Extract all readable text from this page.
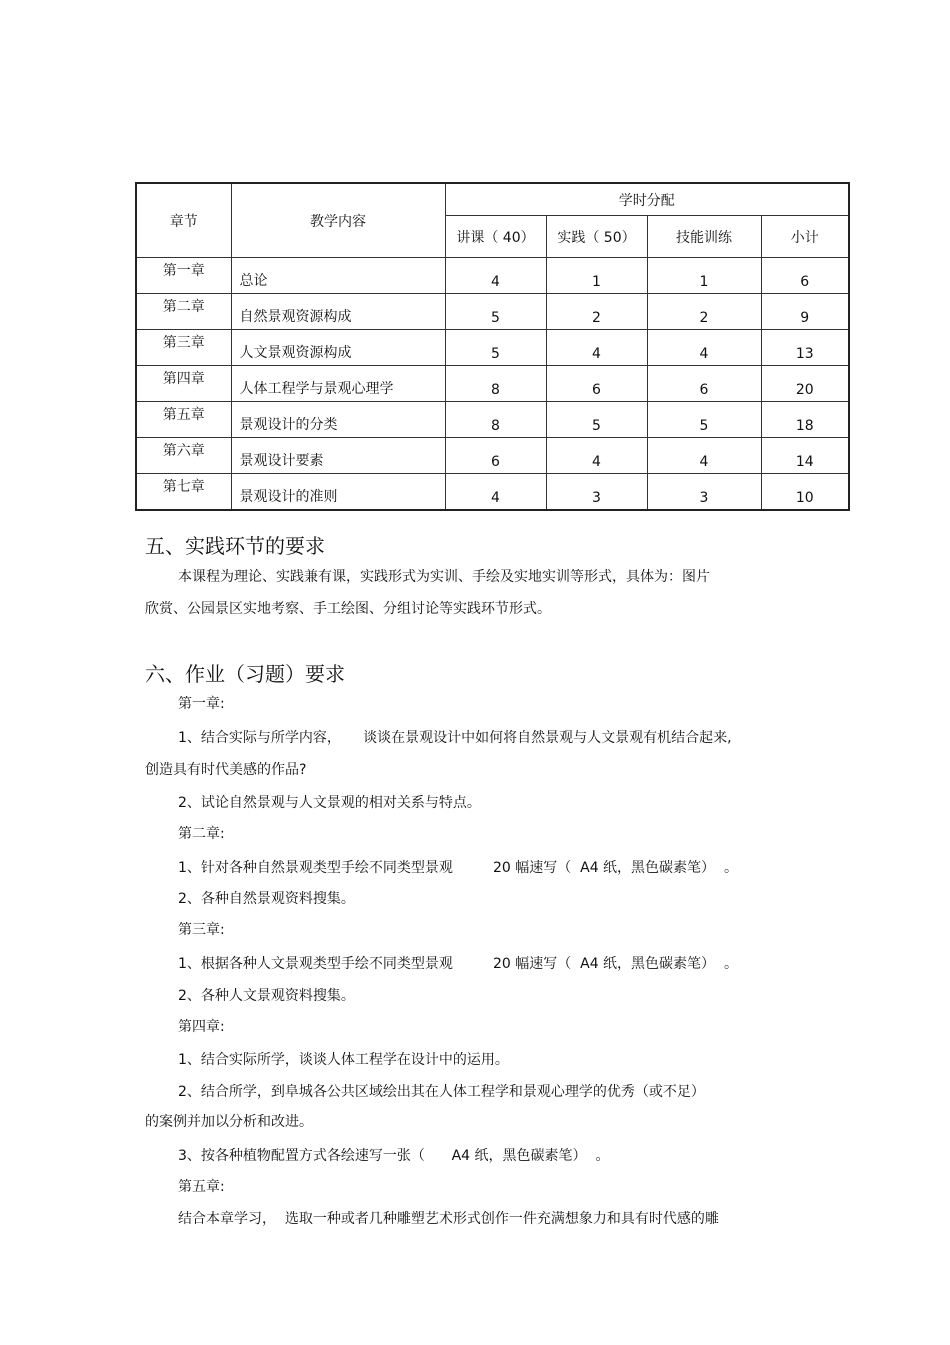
章节	教学内容	学时分配			
		讲课（ 40）	实践（ 50）	技能训练	小计
第一章	总论	4	1	1	6
第二章	自然景观资源构成	5	2	2	9
第三章	人文景观资源构成	5	4	4	13
第四章	人体工程学与景观心理学	8	6	6	20
第五章	景观设计的分类	8	5	5	18
第六章	景观设计要素	6	4	4	14
第七章	景观设计的准则	4	3	3	10
五、实践环节的要求

本课程为理论、实践兼有课，实践形式为实训、手绘及实地实训等形式，具体为：图片

欣赏、公园景区实地考察、手工绘图、分组讨论等实践环节形式。

六、作业（习题）要求

第一章:

1、结合实际与所学内容，     谈谈在景观设计中如何将自然景观与人文景观有机结合起来,

创造具有时代美感的作品?

2、试论自然景观与人文景观的相对关系与特点。

第二章:

1、针对各种自然景观类型手绘不同类型景观         20 幅速写（  A4 纸，黑色碳素笔）  。

2、各种自然景观资料搜集。

第三章:

1、根据各种人文景观类型手绘不同类型景观         20 幅速写（  A4 纸，黑色碳素笔）  。

2、各种人文景观资料搜集。

第四章:

1、结合实际所学，谈谈人体工程学在设计中的运用。

2、结合所学，到阜城各公共区域绘出其在人体工程学和景观心理学的优秀（或不足）

的案例并加以分析和改进。

3、按各种植物配置方式各绘速写一张（      A4 纸，黑色碳素笔）  。

第五章:

结合本章学习，  选取一种或者几种雕塑艺术形式创作一件充满想象力和具有时代感的雕
